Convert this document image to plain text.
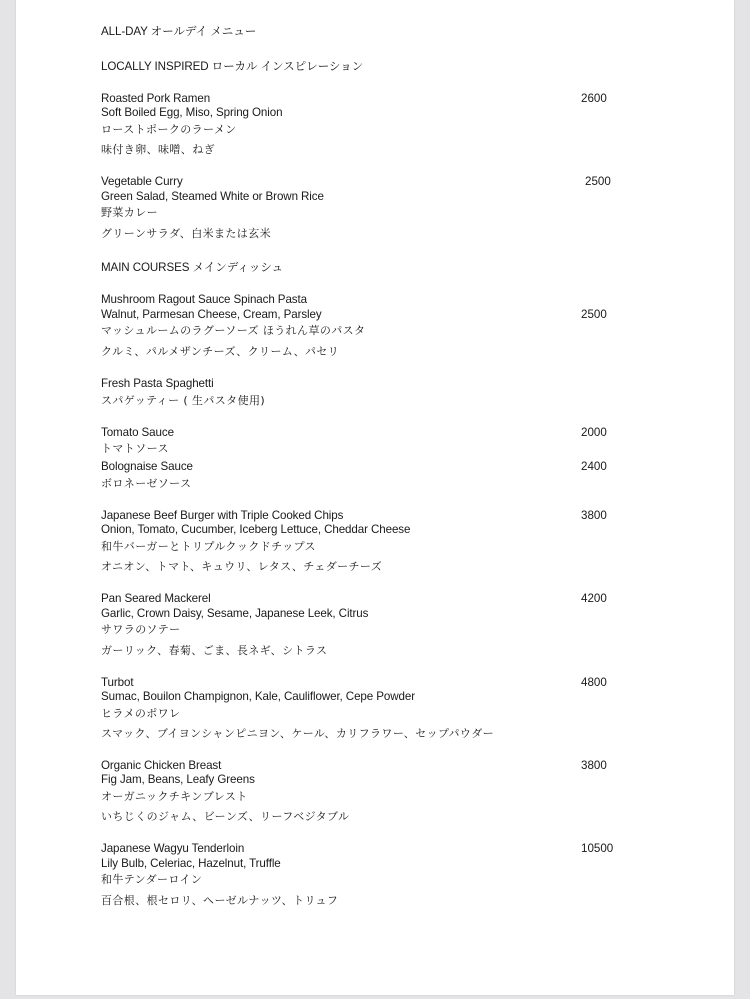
ALL-DAY オールデイ メニュー
LOCALLY INSPIRED ローカル インスピレーション
Roasted Pork Ramen	2600
Soft Boiled Egg, Miso, Spring Onion
ローストポークのラーメン
味付き卵、味噌、ねぎ
Vegetable Curry	2500
Green Salad, Steamed White or Brown Rice
野菜カレー
グリーンサラダ、白米または玄米
MAIN COURSES メインディッシュ
Mushroom Ragout Sauce Spinach Pasta
Walnut, Parmesan Cheese, Cream, Parsley	2500
マッシュルームのラグーソーズ ほうれん草のパスタ
クルミ、パルメザンチーズ、クリーム、パセリ
Fresh Pasta Spaghetti
スパゲッティー ( 生パスタ使用)
Tomato Sauce	2000
トマトソース
Bolognaise Sauce	2400
ボロネーゼソース
Japanese Beef Burger with Triple Cooked Chips	3800
Onion, Tomato, Cucumber, Iceberg Lettuce, Cheddar Cheese
和牛バーガーとトリプルクックドチップス
オニオン、トマト、キュウリ、レタス、チェダーチーズ
Pan Seared Mackerel	4200
Garlic, Crown Daisy, Sesame, Japanese Leek, Citrus
サワラのソテー
ガーリック、春菊、ごま、長ネギ、シトラス
Turbot	4800
Sumac, Bouilon Champignon, Kale, Cauliflower, Cepe Powder
ヒラメのポワレ
スマック、ブイヨンシャンピニヨン、ケール、カリフラワー、セップパウダー
Organic Chicken Breast	3800
Fig Jam, Beans, Leafy Greens
オーガニックチキンブレスト
いちじくのジャム、ビーンズ、リーフベジタブル
Japanese Wagyu Tenderloin	10500
Lily Bulb, Celeriac, Hazelnut, Truffle
和牛テンダーロイン
百合根、根セロリ、ヘーゼルナッツ、トリュフ
